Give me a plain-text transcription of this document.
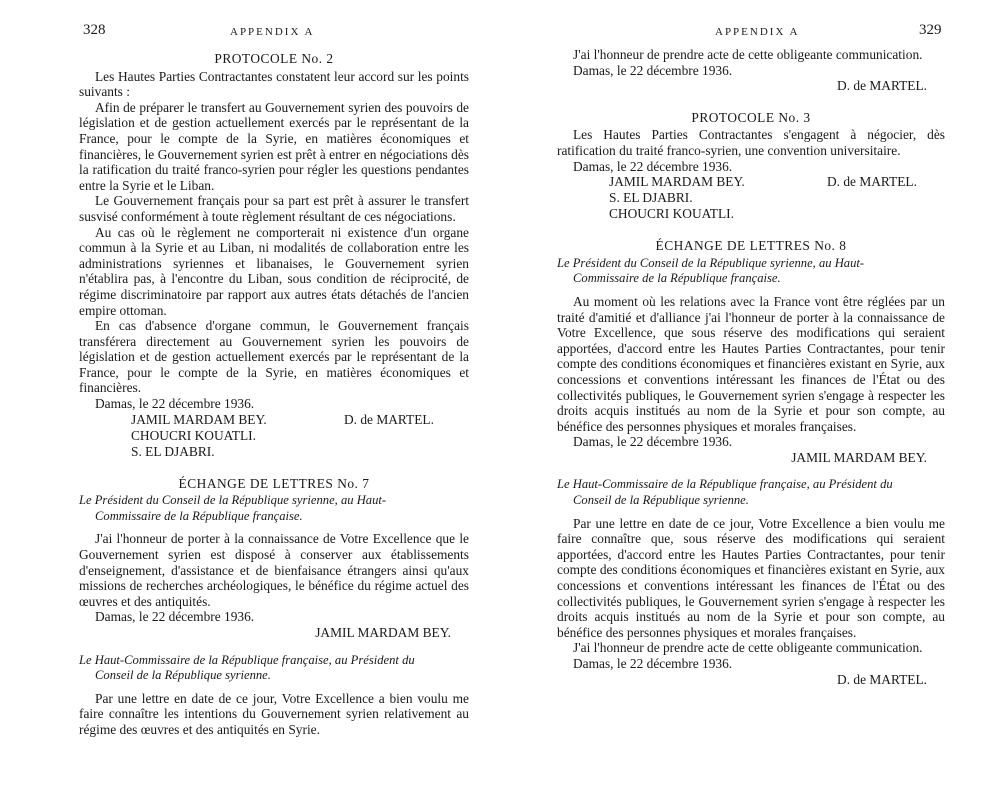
328	APPENDIX A
PROTOCOLE No. 2

Les Hautes Parties Contractantes constatent leur accord sur les points suivants :

Afin de préparer le transfert au Gouvernement syrien des pouvoirs de législation et de gestion actuellement exercés par le représentant de la France, pour le compte de la Syrie, en matières économiques et financières, le Gouvernement syrien est prêt à entrer en négociations dès la ratification du traité franco-syrien pour régler les questions pendantes entre la Syrie et le Liban.

Le Gouvernement français pour sa part est prêt à assurer le transfert susvisé conformément à toute règlement résultant de ces négociations.

Au cas où le règlement ne comporterait ni existence d'un organe commun à la Syrie et au Liban, ni modalités de collaboration entre les administrations syriennes et libanaises, le Gouvernement syrien n'établira pas, à l'encontre du Liban, sous condition de réciprocité, de régime discriminatoire par rapport aux autres états détachés de l'ancien empire ottoman.

En cas d'absence d'organe commun, le Gouvernement français transférera directement au Gouvernement syrien les pouvoirs de législation et de gestion actuellement exercés par le représentant de la France, pour le compte de la Syrie, en matières économiques et financières.

Damas, le 22 décembre 1936.

JAMIL MARDAM BEY.
CHOUCRI KOUATLI.
S. EL DJABRI.
D. de MARTEL.
ÉCHANGE DE LETTRES No. 7

Le Président du Conseil de la République syrienne, au Haut-Commissaire de la République française.

J'ai l'honneur de porter à la connaissance de Votre Excellence que le Gouvernement syrien est disposé à conserver aux établissements d'enseignement, d'assistance et de bienfaisance étrangers ainsi qu'aux missions de recherches archéologiques, le bénéfice du régime actuel des œuvres et des antiquités.

Damas, le 22 décembre 1936.

JAMIL MARDAM BEY.

Le Haut-Commissaire de la République française, au Président du Conseil de la République syrienne.

Par une lettre en date de ce jour, Votre Excellence a bien voulu me faire connaître les intentions du Gouvernement syrien relativement au régime des œuvres et des antiquités en Syrie.

APPENDIX A	329

J'ai l'honneur de prendre acte de cette obligeante communication.

Damas, le 22 décembre 1936.

D. de MARTEL.

PROTOCOLE No. 3

Les Hautes Parties Contractantes s'engagent à négocier, dès ratification du traité franco-syrien, une convention universitaire.

Damas, le 22 décembre 1936.

JAMIL MARDAM BEY.
S. EL DJABRI.
CHOUCRI KOUATLI.
D. de MARTEL.
ÉCHANGE DE LETTRES No. 8

Le Président du Conseil de la République syrienne, au Haut-Commissaire de la République française.

Au moment où les relations avec la France vont être réglées par un traité d'amitié et d'alliance j'ai l'honneur de porter à la connaissance de Votre Excellence, que sous réserve des modifications qui seraient apportées, d'accord entre les Hautes Parties Contractantes, pour tenir compte des conditions économiques et financières existant en Syrie, aux concessions et conventions intéressant les finances de l'État ou des collectivités publiques, le Gouvernement syrien s'engage à respecter les droits acquis institués au nom de la Syrie et pour son compte, au bénéfice des personnes physiques et morales françaises.

Damas, le 22 décembre 1936.

JAMIL MARDAM BEY.

Le Haut-Commissaire de la République française, au Président du Conseil de la République syrienne.

Par une lettre en date de ce jour, Votre Excellence a bien voulu me faire connaître que, sous réserve des modifications qui seraient apportées, d'accord entre les Hautes Parties Contractantes, pour tenir compte des conditions économiques et financières existant en Syrie, aux concessions et conventions intéressant les finances de l'État ou des collectivités publiques, le Gouvernement syrien s'engage à respecter les droits acquis institués au nom de la Syrie et pour son compte, au bénéfice des personnes physiques et morales françaises.

J'ai l'honneur de prendre acte de cette obligeante communication.

Damas, le 22 décembre 1936.

D. de MARTEL.
